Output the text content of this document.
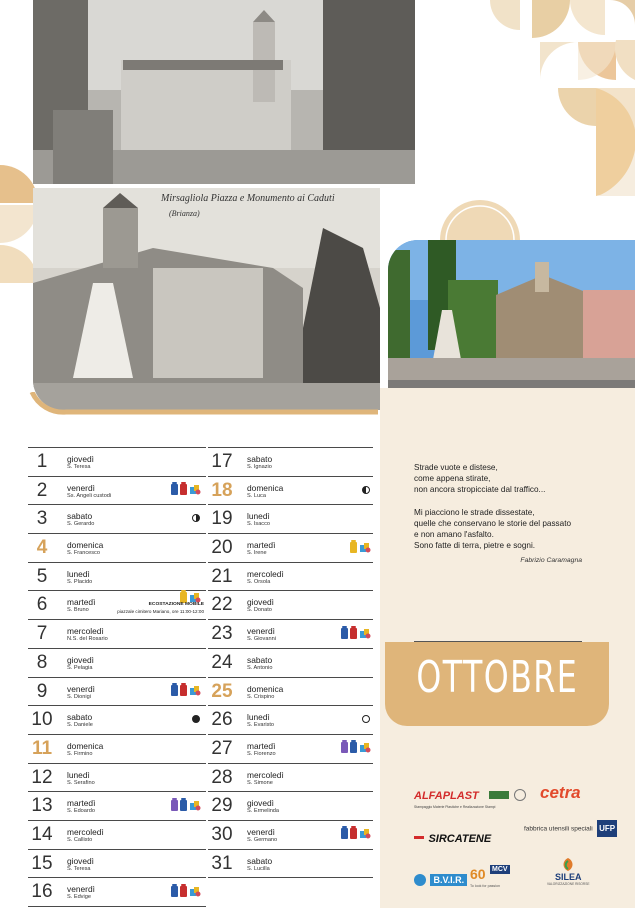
Mirsagliola Piazza e Monumento ai Caduti
(Brianza)
Strade vuote e distese,
come appena stirate,
non ancora stropicciate dal traffico...
Mi piacciono le strade dissestate,
quelle che conservano le storie del passato
e non amano l'asfalto.
Sono fatte di terra, pietre e sogni.
Fabrizio Caramagna
OTTOBRE
1	giovedì
S. Teresa
2	venerdì
Ss. Angeli custodi
3	sabato
S. Gerardo
4	domenica
S. Francesco
5	lunedì
S. Placido
6	martedì
S. Bruno
ECOSTAZIONE MOBILE
piazzale cimitero Mariano, ore 11:00-12:00
7	mercoledì
N.S. del Rosario
8	giovedì
S. Pelagia
9	venerdì
S. Dionigi
10	sabato
S. Daniele
11	domenica
S. Firmino
12	lunedì
S. Serafino
13	martedì
S. Edoardo
14	mercoledì
S. Callisto
15	giovedì
S. Teresa
16	venerdì
S. Edvige
17	sabato
S. Ignazio
18	domenica
S. Luca
19	lunedì
S. Isacco
20	martedì
S. Irene
21	mercoledì
S. Orsola
22	giovedì
S. Donato
23	venerdì
S. Giovanni
24	sabato
S. Antonio
25	domenica
S. Crispino
26	lunedì
S. Evaristo
27	martedì
S. Fiorenzo
28	mercoledì
S. Simone
29	giovedì
S. Ermelinda
30	venerdì
S. Germano
31	sabato
S. Lucilla
ALFAPLAST
Stampaggio Materie Plastiche e Realizzazione Stampi
cetra
SIRCATENE
fabbrica utensili speciali UFP
B.V.I.R. 60 $^{MCV}$
To look for passion
SILEA
VALORIZZAZIONE RISORSE
